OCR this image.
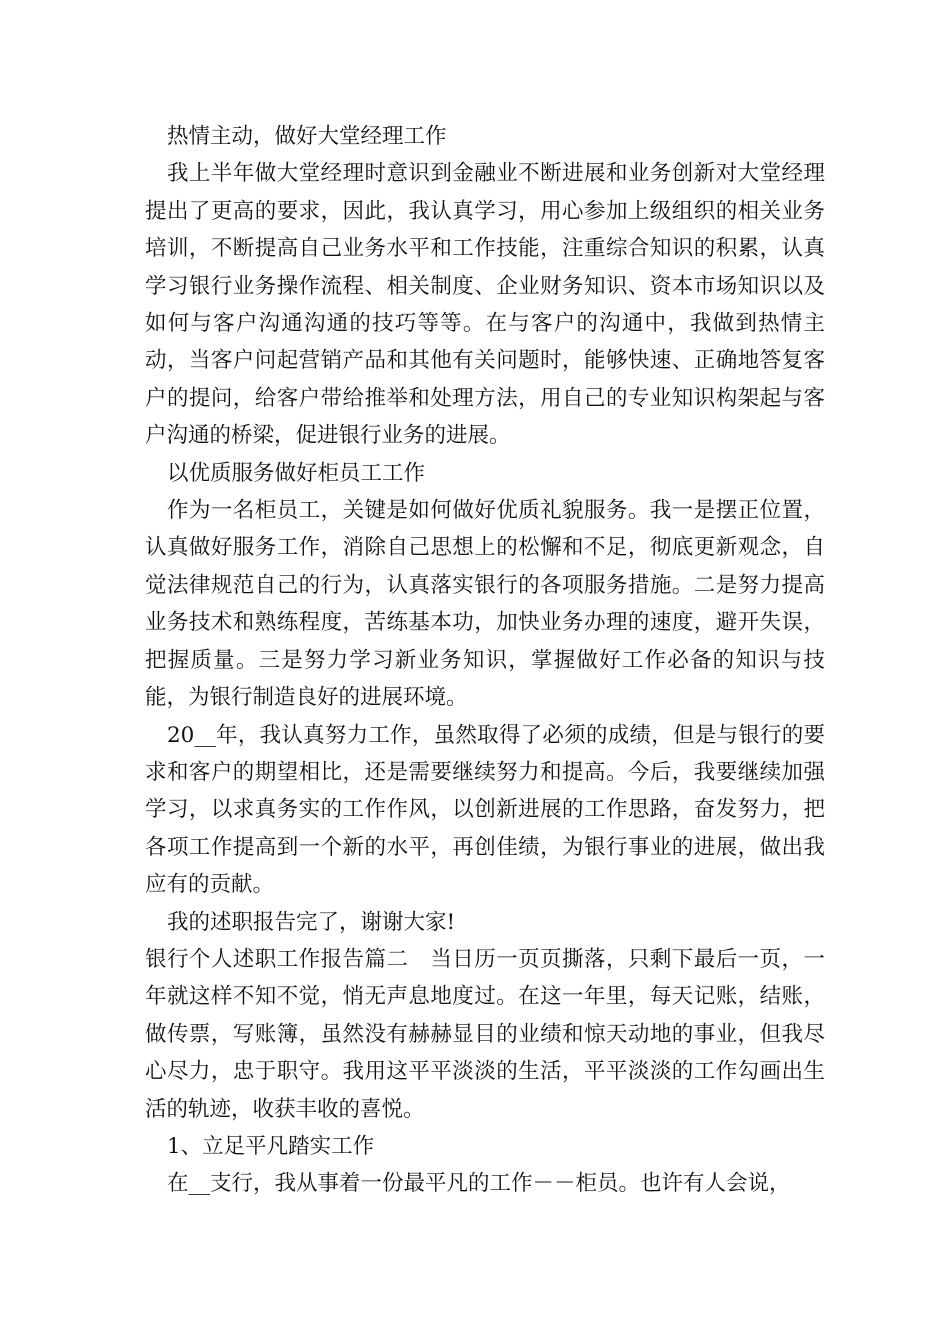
热情主动，做好大堂经理工作

我上半年做大堂经理时意识到金融业不断进展和业务创新对大堂经理提出了更高的要求，因此，我认真学习，用心参加上级组织的相关业务培训，不断提高自己业务水平和工作技能，注重综合知识的积累，认真学习银行业务操作流程、相关制度、企业财务知识、资本市场知识以及如何与客户沟通沟通的技巧等等。在与客户的沟通中，我做到热情主动，当客户问起营销产品和其他有关问题时，能够快速、正确地答复客户的提问，给客户带给推举和处理方法，用自己的专业知识构架起与客户沟通的桥梁，促进银行业务的进展。

以优质服务做好柜员工工作

作为一名柜员工，关键是如何做好优质礼貌服务。我一是摆正位置，认真做好服务工作，消除自己思想上的松懈和不足，彻底更新观念，自觉法律规范自己的行为，认真落实银行的各项服务措施。二是努力提高业务技术和熟练程度，苦练基本功，加快业务办理的速度，避开失误，把握质量。三是努力学习新业务知识，掌握做好工作必备的知识与技能，为银行制造良好的进展环境。

20__年，我认真努力工作，虽然取得了必须的成绩，但是与银行的要求和客户的期望相比，还是需要继续努力和提高。今后，我要继续加强学习，以求真务实的工作作风，以创新进展的工作思路，奋发努力，把各项工作提高到一个新的水平，再创佳绩，为银行事业的进展，做出我应有的贡献。

我的述职报告完了，谢谢大家!

银行个人述职工作报告篇二　当日历一页页撕落，只剩下最后一页，一年就这样不知不觉，悄无声息地度过。在这一年里，每天记账，结账，做传票，写账簿，虽然没有赫赫显目的业绩和惊天动地的事业，但我尽心尽力，忠于职守。我用这平平淡淡的生活，平平淡淡的工作勾画出生活的轨迹，收获丰收的喜悦。

1、立足平凡踏实工作

在__支行，我从事着一份最平凡的工作－－柜员。也许有人会说，
